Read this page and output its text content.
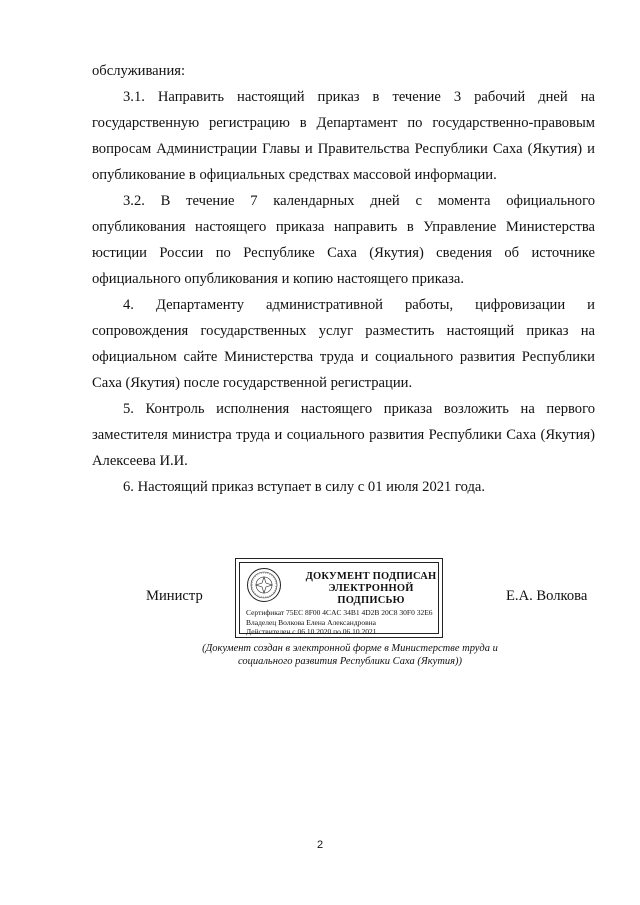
обслуживания:

3.1. Направить настоящий приказ в течение 3 рабочий дней на государственную регистрацию в Департамент по государственно-правовым вопросам Администрации Главы и Правительства Республики Саха (Якутия) и опубликование в официальных средствах массовой информации.

3.2. В течение 7 календарных дней с момента официального опубликования настоящего приказа направить в Управление Министерства юстиции России по Республике Саха (Якутия) сведения об источнике официального опубликования и копию настоящего приказа.

4. Департаменту административной работы, цифровизации и сопровождения государственных услуг разместить настоящий приказ на официальном сайте Министерства труда и социального развития Республики Саха (Якутия) после государственной регистрации.

5. Контроль исполнения настоящего приказа возложить на первого заместителя министра труда и социального развития Республики Саха (Якутия) Алексеева И.И.

6. Настоящий приказ вступает в силу с 01 июля 2021 года.

Министр
ДОКУМЕНТ ПОДПИСАН
ЭЛЕКТРОННОЙ ПОДПИСЬЮ
Сертификат 75EC 8F00 4CAC 34B1 4D2B 20C8 30F0 32E6
Владелец Волкова Елена Александровна
Действителен с 06.10.2020 по 06.10.2021
Е.А. Волкова
(Документ создан в электронной форме в Министерстве труда и
социального развития Республики Саха (Якутия))
2
